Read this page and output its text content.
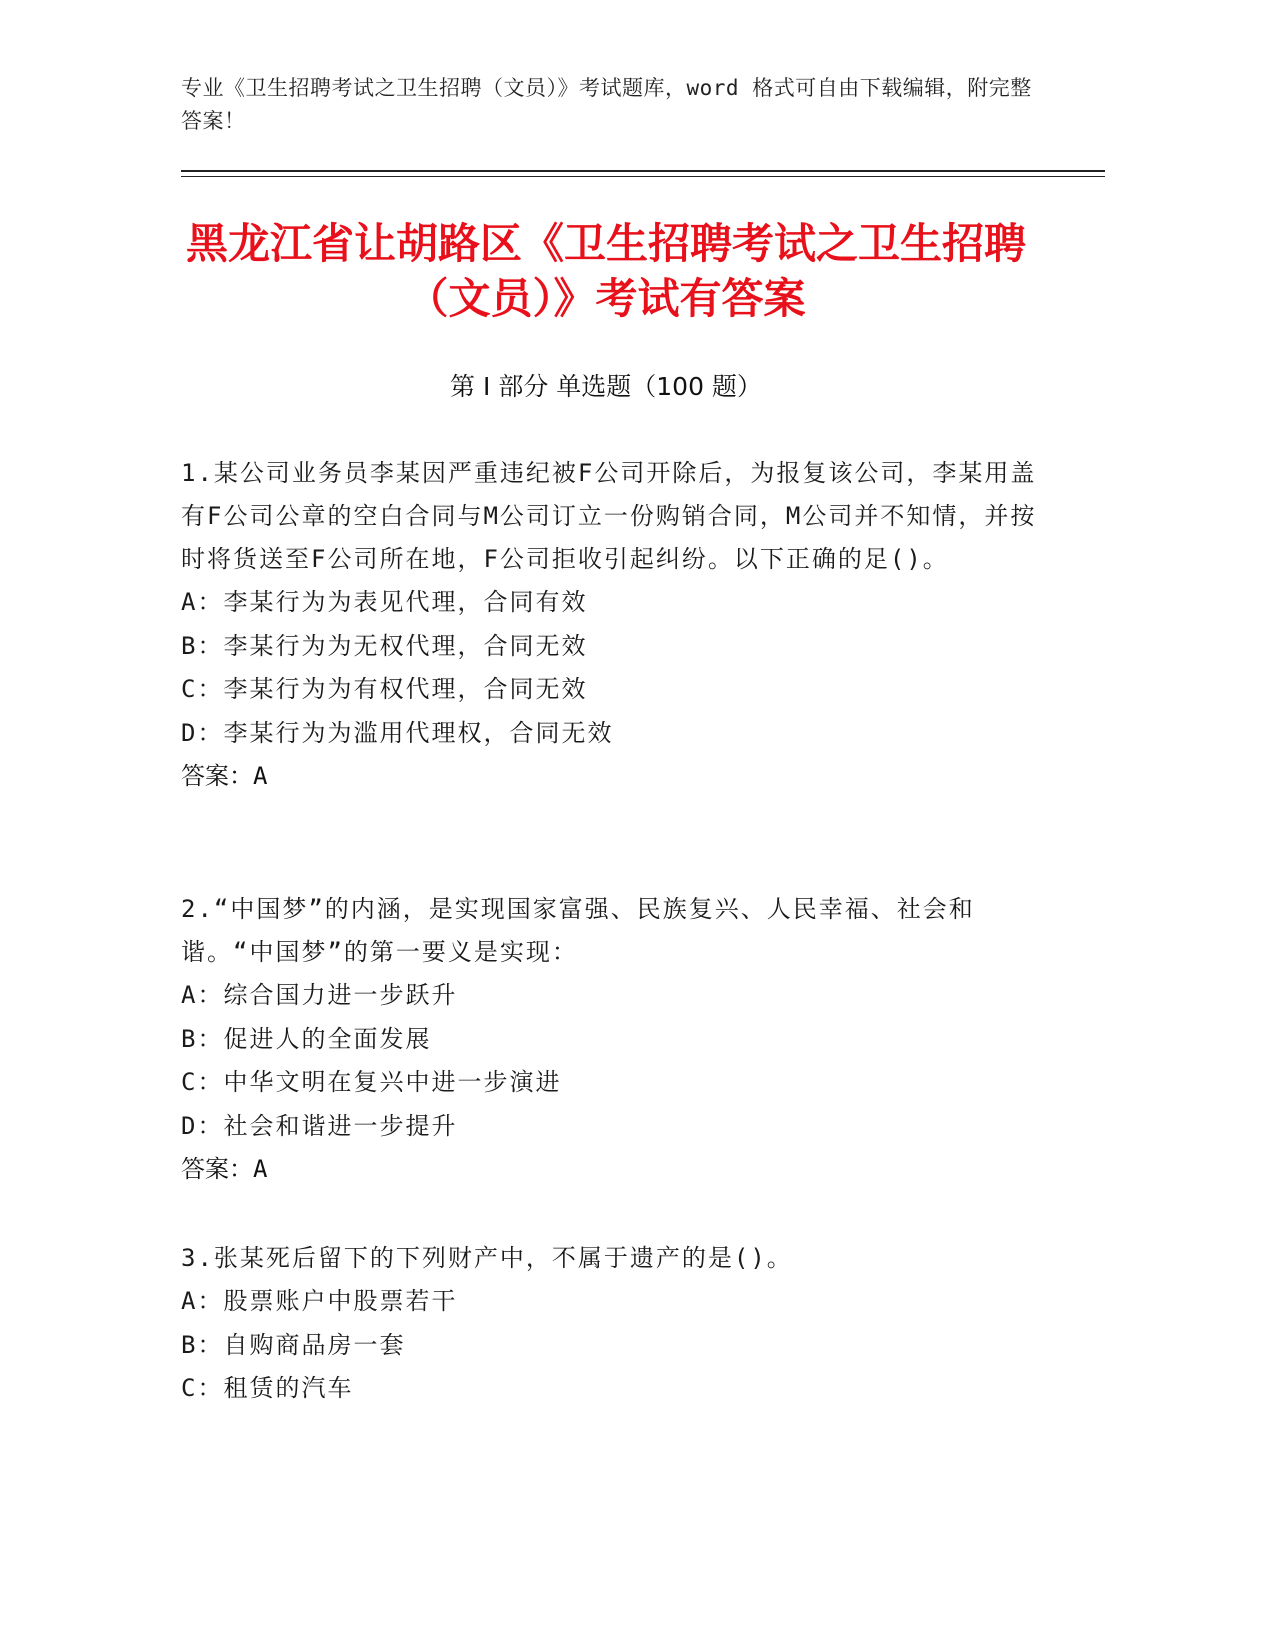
专业《卫生招聘考试之卫生招聘（文员）》考试题库，word 格式可自由下载编辑，附完整答案！
黑龙江省让胡路区《卫生招聘考试之卫生招聘（文员）》考试有答案
第 I 部分 单选题（100 题）
1.某公司业务员李某因严重违纪被F公司开除后，为报复该公司，李某用盖有F公司公章的空白合同与M公司订立一份购销合同，M公司并不知情，并按时将货送至F公司所在地，F公司拒收引起纠纷。以下正确的足()。
A：李某行为为表见代理，合同有效
B：李某行为为无权代理，合同无效
C：李某行为为有权代理，合同无效
D：李某行为为滥用代理权，合同无效
答案：A
2.“中国梦”的内涵，是实现国家富强、民族复兴、人民幸福、社会和谐。“中国梦”的第一要义是实现：
A：综合国力进一步跃升
B：促进人的全面发展
C：中华文明在复兴中进一步演进
D：社会和谐进一步提升
答案：A
3.张某死后留下的下列财产中，不属于遗产的是()。
A：股票账户中股票若干
B：自购商品房一套
C：租赁的汽车
